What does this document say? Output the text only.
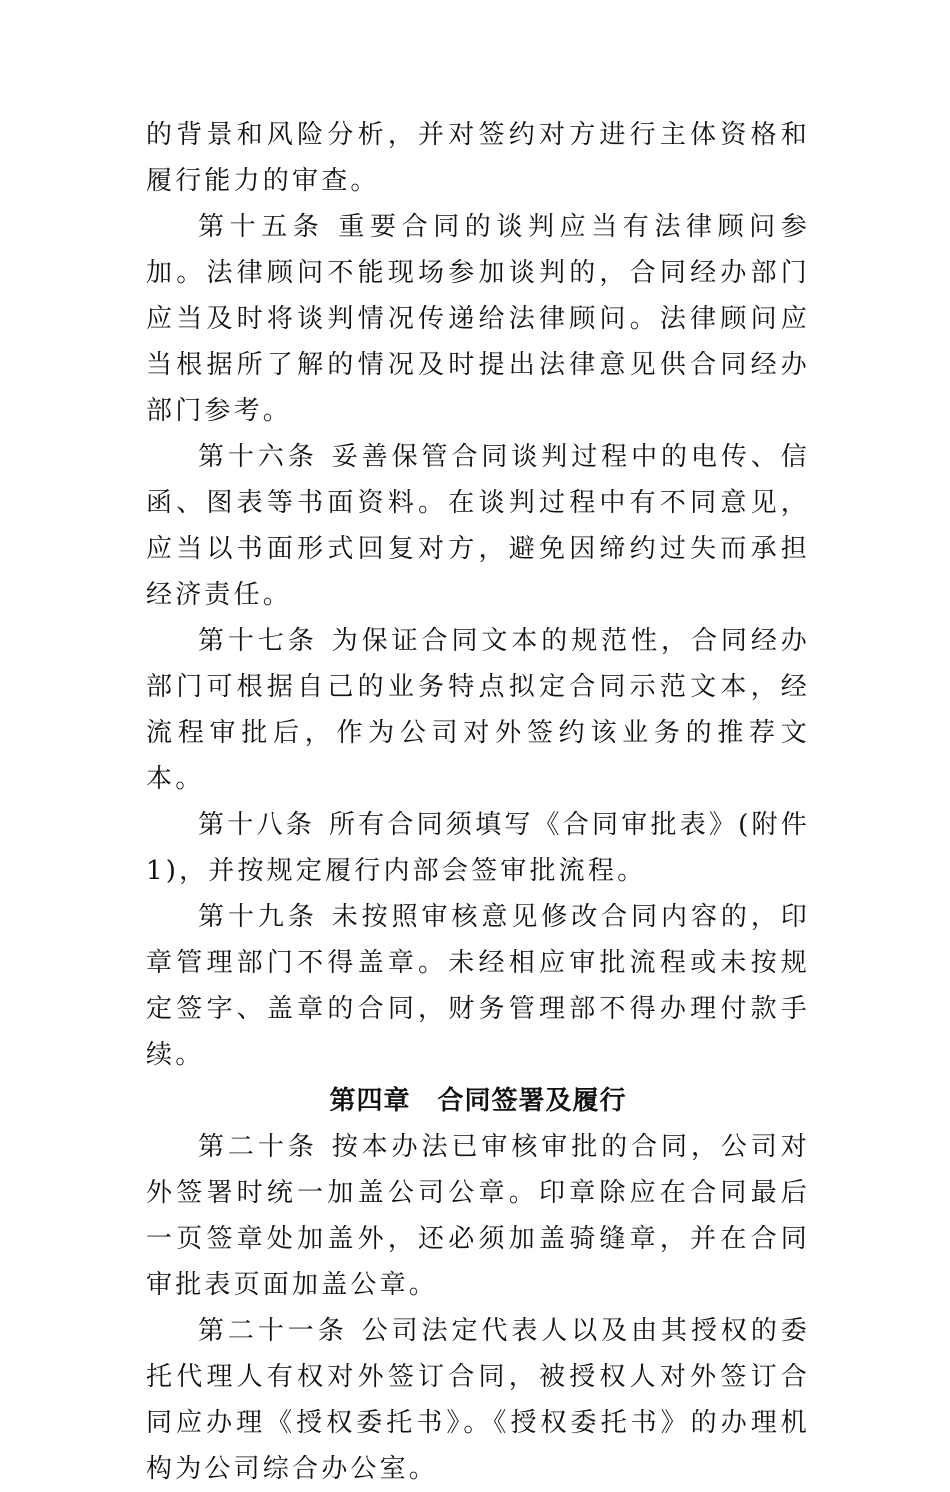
的背景和风险分析，并对签约对方进行主体资格和履行能力的审查。

第十五条 重要合同的谈判应当有法律顾问参加。法律顾问不能现场参加谈判的，合同经办部门应当及时将谈判情况传递给法律顾问。法律顾问应当根据所了解的情况及时提出法律意见供合同经办部门参考。

第十六条 妥善保管合同谈判过程中的电传、信函、图表等书面资料。在谈判过程中有不同意见，应当以书面形式回复对方，避免因缔约过失而承担经济责任。

第十七条 为保证合同文本的规范性，合同经办部门可根据自己的业务特点拟定合同示范文本，经流程审批后，作为公司对外签约该业务的推荐文本。

第十八条 所有合同须填写《合同审批表》(附件 1)，并按规定履行内部会签审批流程。

第十九条 未按照审核意见修改合同内容的，印章管理部门不得盖章。未经相应审批流程或未按规定签字、盖章的合同，财务管理部不得办理付款手续。

第四章　合同签署及履行

第二十条 按本办法已审核审批的合同，公司对外签署时统一加盖公司公章。印章除应在合同最后一页签章处加盖外，还必须加盖骑缝章，并在合同审批表页面加盖公章。

第二十一条 公司法定代表人以及由其授权的委托代理人有权对外签订合同，被授权人对外签订合同应办理《授权委托书》。《授权委托书》的办理机构为公司综合办公室。
